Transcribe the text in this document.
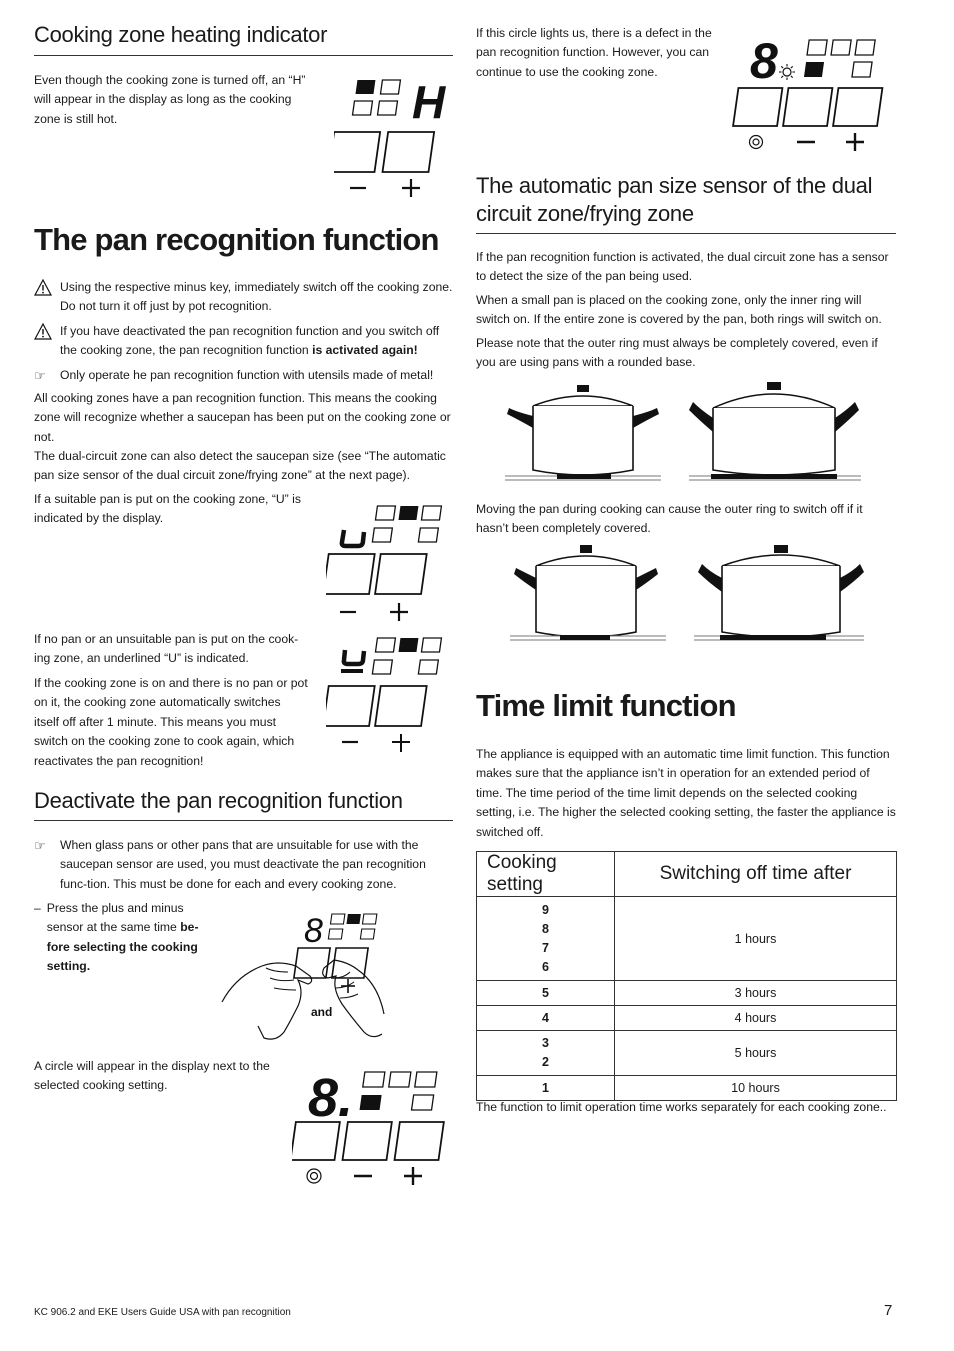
Cooking zone heating indicator

Even though the cooking zone is turned off, an “H” will appear in the display as long as the cooking zone is still hot.	H
The pan recognition function
Using the respective minus key, immediately switch off the cooking zone. Do not turn it off just by pot recognition.
If you have deactivated the pan recognition function and you switch off the cooking zone, the pan recognition function is activated again!
☞	Only operate he pan recognition function with utensils made of metal!

All cooking zones have a pan recognition function. This means the cooking zone will recognize whether a saucepan has been put on the cooking zone or not.

The dual-circuit zone can also detect the saucepan size (see “The automatic pan size sensor of the dual circuit zone/frying zone” at the next page).

If a suitable pan is put on the cooking zone, “U” is indicated by the display.

If no pan or an unsuitable pan is put on the cook-ing zone, an underlined “U” is indicated.

If the cooking zone is on and there is no pan or pot on it, the cooking zone automatically switches itself off after 1 minute. This means you must switch on the cooking zone to cook again, which reactivates the pan recognition!

Deactivate the pan recognition function
☞	When glass pans or other pans that are unsuitable for use with the saucepan sensor are used, you must deactivate the pan recognition func-tion. This must be done for each and every cooking zone.
– Press the plus and minus sensor at the same time be-fore selecting the cooking setting.
8
and

A circle will appear in the display next to the selected cooking setting.	8.

If this circle lights us, there is a defect in the pan recognition function. However, you can continue to use the cooking zone.	8
The automatic pan size sensor of the dual circuit zone/frying zone

If the pan recognition function is activated, the dual circuit zone has a sensor to detect the size of the pan being used.

When a small pan is placed on the cooking zone, only the inner ring will switch on. If the entire zone is covered by the pan, both rings will switch on.

Please note that the outer ring must always be completely covered, even if you are using pans with a rounded base.

Moving the pan during cooking can cause the outer ring to switch off if it hasn’t been completely covered.

Time limit function

The appliance is equipped with an automatic time limit function. This function makes sure that the appliance isn’t in operation for an extended period of time. The time period of the time limit depends on the selected cooking setting, i.e. The higher the selected cooking setting, the faster the appliance is switched off.

Cooking setting	Switching off time after

9
8
7
6	1 hours

5	3 hours

4	4 hours

3
2	5 hours

1	10 hours

The function to limit operation time works separately for each cooking zone..

KC 906.2 and EKE Users Guide USA with pan recognition	7
